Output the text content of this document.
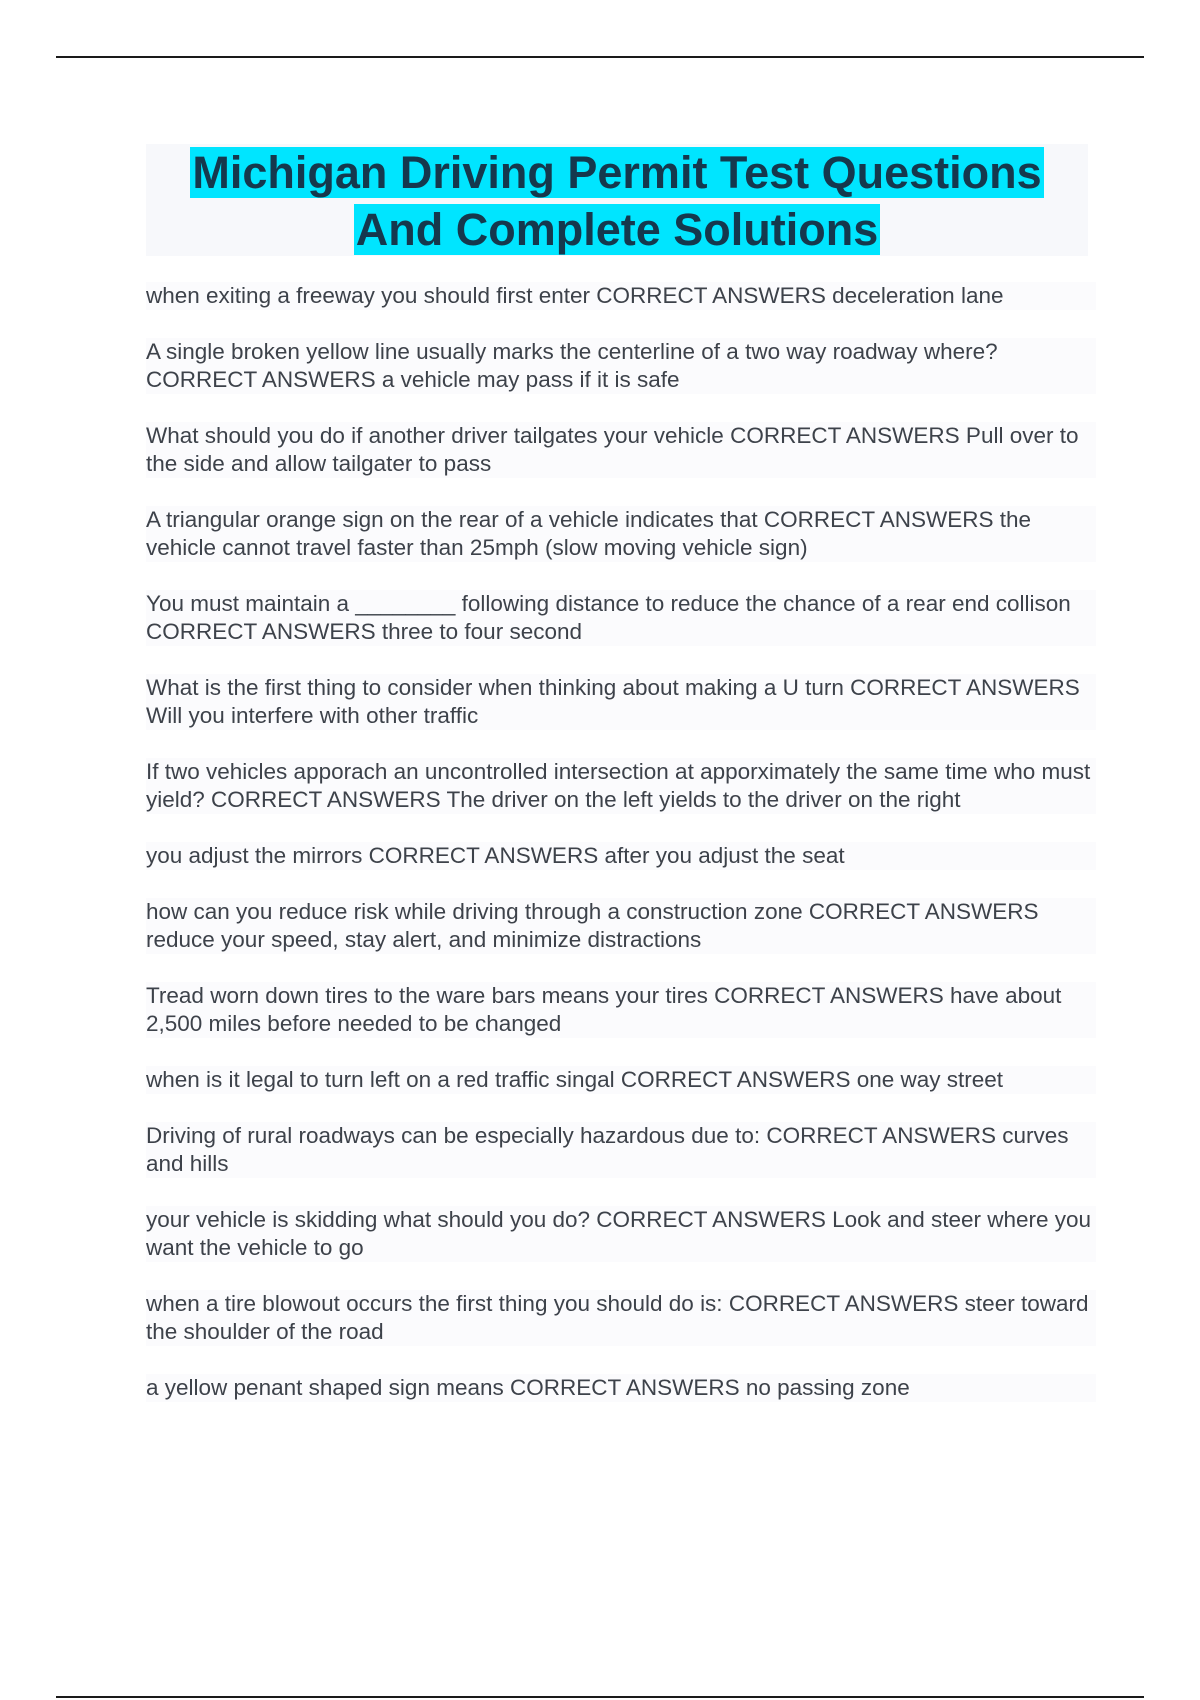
Michigan Driving Permit Test Questions
And Complete Solutions

when exiting a freeway you should first enter CORRECT ANSWERS deceleration lane

A single broken yellow line usually marks the centerline of a two way roadway where? CORRECT ANSWERS a vehicle may pass if it is safe

What should you do if another driver tailgates your vehicle CORRECT ANSWERS Pull over to the side and allow tailgater to pass

A triangular orange sign on the rear of a vehicle indicates that CORRECT ANSWERS the vehicle cannot travel faster than 25mph (slow moving vehicle sign)

You must maintain a ________ following distance to reduce the chance of a rear end collison CORRECT ANSWERS three to four second

What is the first thing to consider when thinking about making a U turn CORRECT ANSWERS Will you interfere with other traffic

If two vehicles apporach an uncontrolled intersection at apporximately the same time who must yield? CORRECT ANSWERS The driver on the left yields to the driver on the right

you adjust the mirrors CORRECT ANSWERS after you adjust the seat

how can you reduce risk while driving through a construction zone CORRECT ANSWERS reduce your speed, stay alert, and minimize distractions

Tread worn down tires to the ware bars means your tires CORRECT ANSWERS have about 2,500 miles before needed to be changed

when is it legal to turn left on a red traffic singal CORRECT ANSWERS one way street

Driving of rural roadways can be especially hazardous due to: CORRECT ANSWERS curves and hills

your vehicle is skidding what should you do? CORRECT ANSWERS Look and steer where you want the vehicle to go

when a tire blowout occurs the first thing you should do is: CORRECT ANSWERS steer toward the shoulder of the road

a yellow penant shaped sign means CORRECT ANSWERS no passing zone
